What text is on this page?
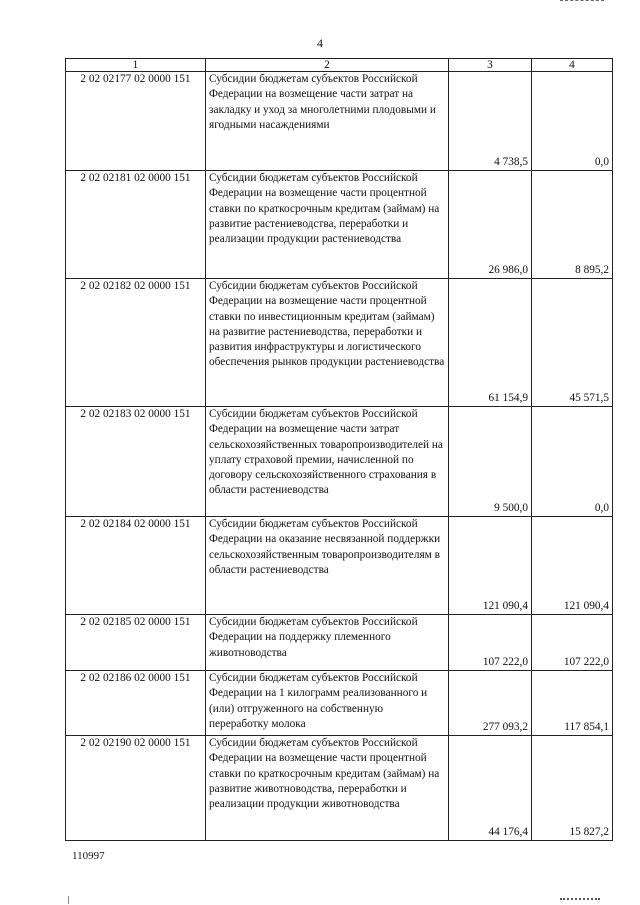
4
1	2	3	4
2 02 02177 02 0000 151	Субсидии бюджетам субъектов Российской Федерации на возмещение части затрат на закладку и уход за многолетними плодовыми и ягодными насаждениями	4 738,5	0,0
2 02 02181 02 0000 151	Субсидии бюджетам субъектов Российской Федерации на возмещение части процентной ставки по краткосрочным кредитам (займам) на развитие растениеводства, переработки и реализации продукции растениеводства	26 986,0	8 895,2
2 02 02182 02 0000 151	Субсидии бюджетам субъектов Российской Федерации на возмещение части процентной ставки по инвестиционным кредитам (займам) на развитие растениеводства, переработки и развития инфраструктуры и логистического обеспечения рынков продукции растениеводства	61 154,9	45 571,5
2 02 02183 02 0000 151	Субсидии бюджетам субъектов Российской Федерации на возмещение части затрат сельскохозяйственных товаропроизводителей на уплату страховой премии, начисленной по договору сельскохозяйственного страхования в области растениеводства	9 500,0	0,0
2 02 02184 02 0000 151	Субсидии бюджетам субъектов Российской Федерации на оказание несвязанной поддержки сельскохозяйственным товаропроизводителям в области растениеводства	121 090,4	121 090,4
2 02 02185 02 0000 151	Субсидии бюджетам субъектов Российской Федерации на поддержку племенного животноводства	107 222,0	107 222,0
2 02 02186 02 0000 151	Субсидии бюджетам субъектов Российской Федерации на 1 килограмм реализованного и (или) отгруженного на собственную переработку молока	277 093,2	117 854,1
2 02 02190 02 0000 151	Субсидии бюджетам субъектов Российской Федерации на возмещение части процентной ставки по краткосрочным кредитам (займам) на развитие животноводства, переработки и реализации продукции животноводства	44 176,4	15 827,2
110997
